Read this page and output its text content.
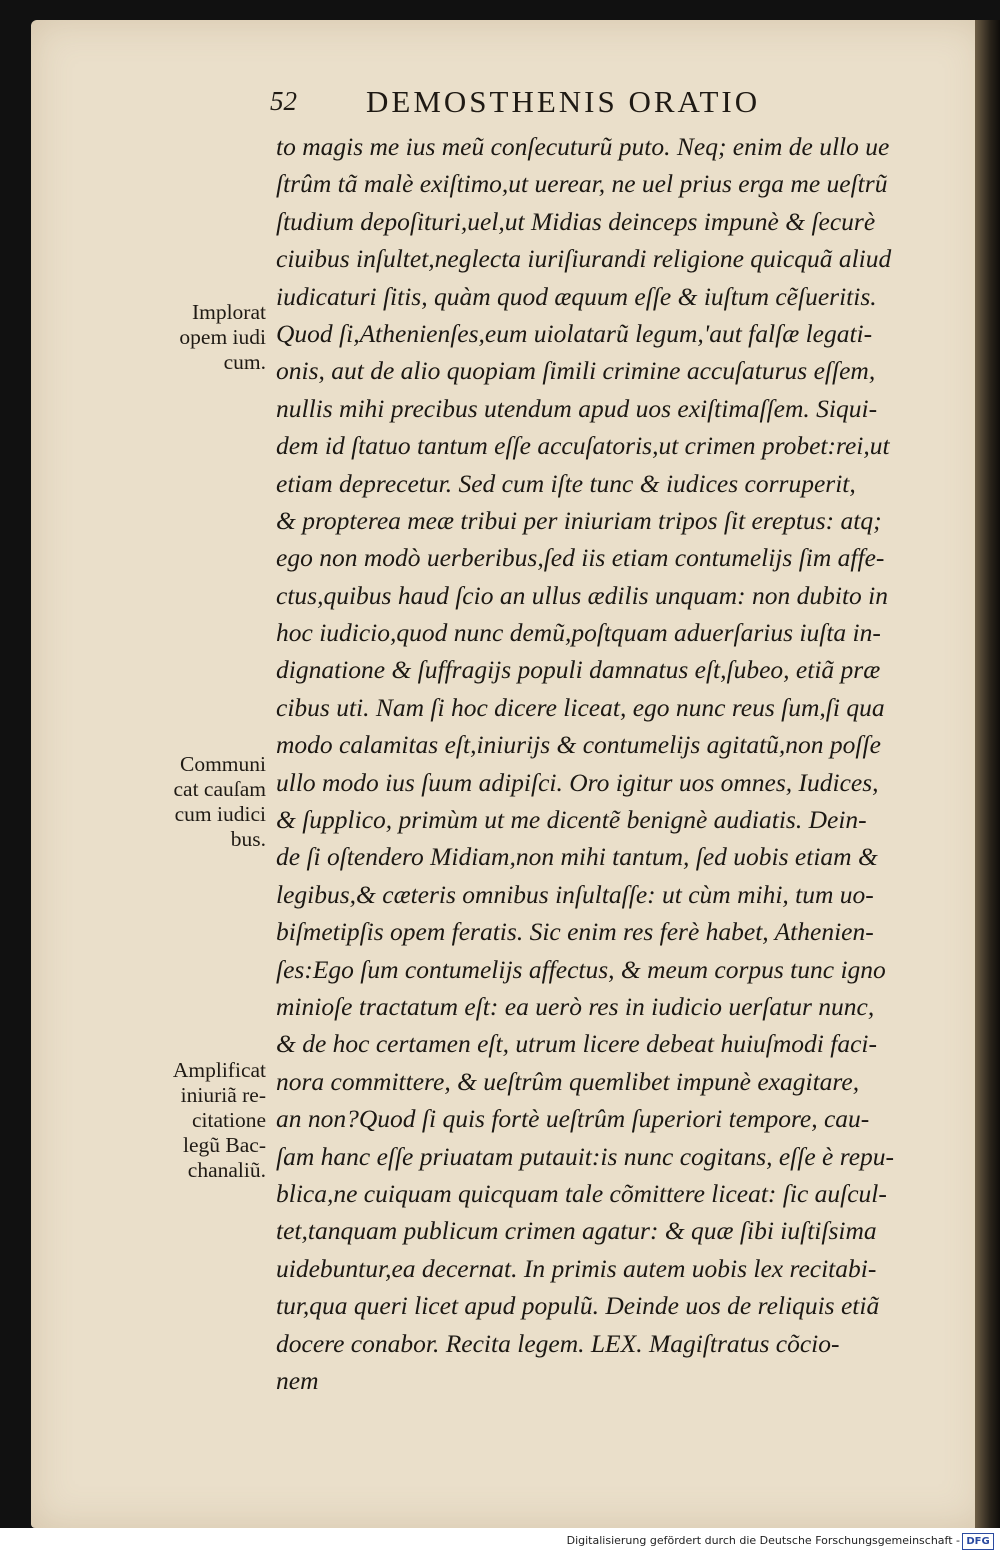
52 DEMOSTHENIS ORATIO
to magis me ius meũ conſecuturũ puto. Neq; enim de ullo ue
ſtrûm tã malè exiſtimo,ut uerear, ne uel prius erga me ueſtrũ
ſtudium depoſituri,uel,ut Midias deinceps impunè & ſecurè
ciuibus inſultet,neglecta iuriſiurandi religione quicquã aliud
iudicaturi ſitis, quàm quod æquum eſſe & iuſtum cẽſueritis.
Quod ſi,Athenienſes,eum uiolatarũ legum,'aut falſæ legati-
onis, aut de alio quopiam ſimili crimine accuſaturus eſſem,
nullis mihi precibus utendum apud uos exiſtimaſſem. Siqui-
dem id ſtatuo tantum eſſe accuſatoris,ut crimen probet:rei,ut
etiam deprecetur. Sed cum iſte tunc & iudices corruperit,
& propterea meæ tribui per iniuriam tripos ſit ereptus: atq;
ego non modò uerberibus,ſed iis etiam contumelijs ſim affe-
ctus,quibus haud ſcio an ullus ædilis unquam: non dubito in
hoc iudicio,quod nunc demũ,poſtquam aduerſarius iuſta in-
dignatione & ſuffragijs populi damnatus eſt,ſubeo, etiã præ
cibus uti. Nam ſi hoc dicere liceat, ego nunc reus ſum,ſi qua
modo calamitas eſt,iniurijs & contumelijs agitatũ,non poſſe
ullo modo ius ſuum adipiſci. Oro igitur uos omnes, Iudices,
& ſupplico, primùm ut me dicentẽ benignè audiatis. Dein-
de ſi oſtendero Midiam,non mihi tantum, ſed uobis etiam &
legibus,& cæteris omnibus inſultaſſe: ut cùm mihi, tum uo-
biſmetipſis opem feratis. Sic enim res ferè habet, Athenien-
ſes:Ego ſum contumelijs affectus, & meum corpus tunc igno
minioſe tractatum eſt: ea uerò res in iudicio uerſatur nunc,
& de hoc certamen eſt, utrum licere debeat huiuſmodi faci-
nora committere, & ueſtrûm quemlibet impunè exagitare,
an non?Quod ſi quis fortè ueſtrûm ſuperiori tempore, cau-
ſam hanc eſſe priuatam putauit:is nunc cogitans, eſſe è repu-
blica,ne cuiquam quicquam tale cõmittere liceat: ſic auſcul-
tet,tanquam publicum crimen agatur: & quæ ſibi iuſtiſsima
uidebuntur,ea decernat. In primis autem uobis lex recitabi-
tur,qua queri licet apud populũ. Deinde uos de reliquis etiã
docere conabor. Recita legem. LEX. Magiſtratus cõcio-
nem
Implorat
opem iudi
cum.
Communi
cat cauſam
cum iudici
bus.
Amplificat
iniuriã re-
citatione
legũ Bac-
chanaliũ.
Digitalisierung gefördert durch die Deutsche Forschungsgemeinschaft - DFG
